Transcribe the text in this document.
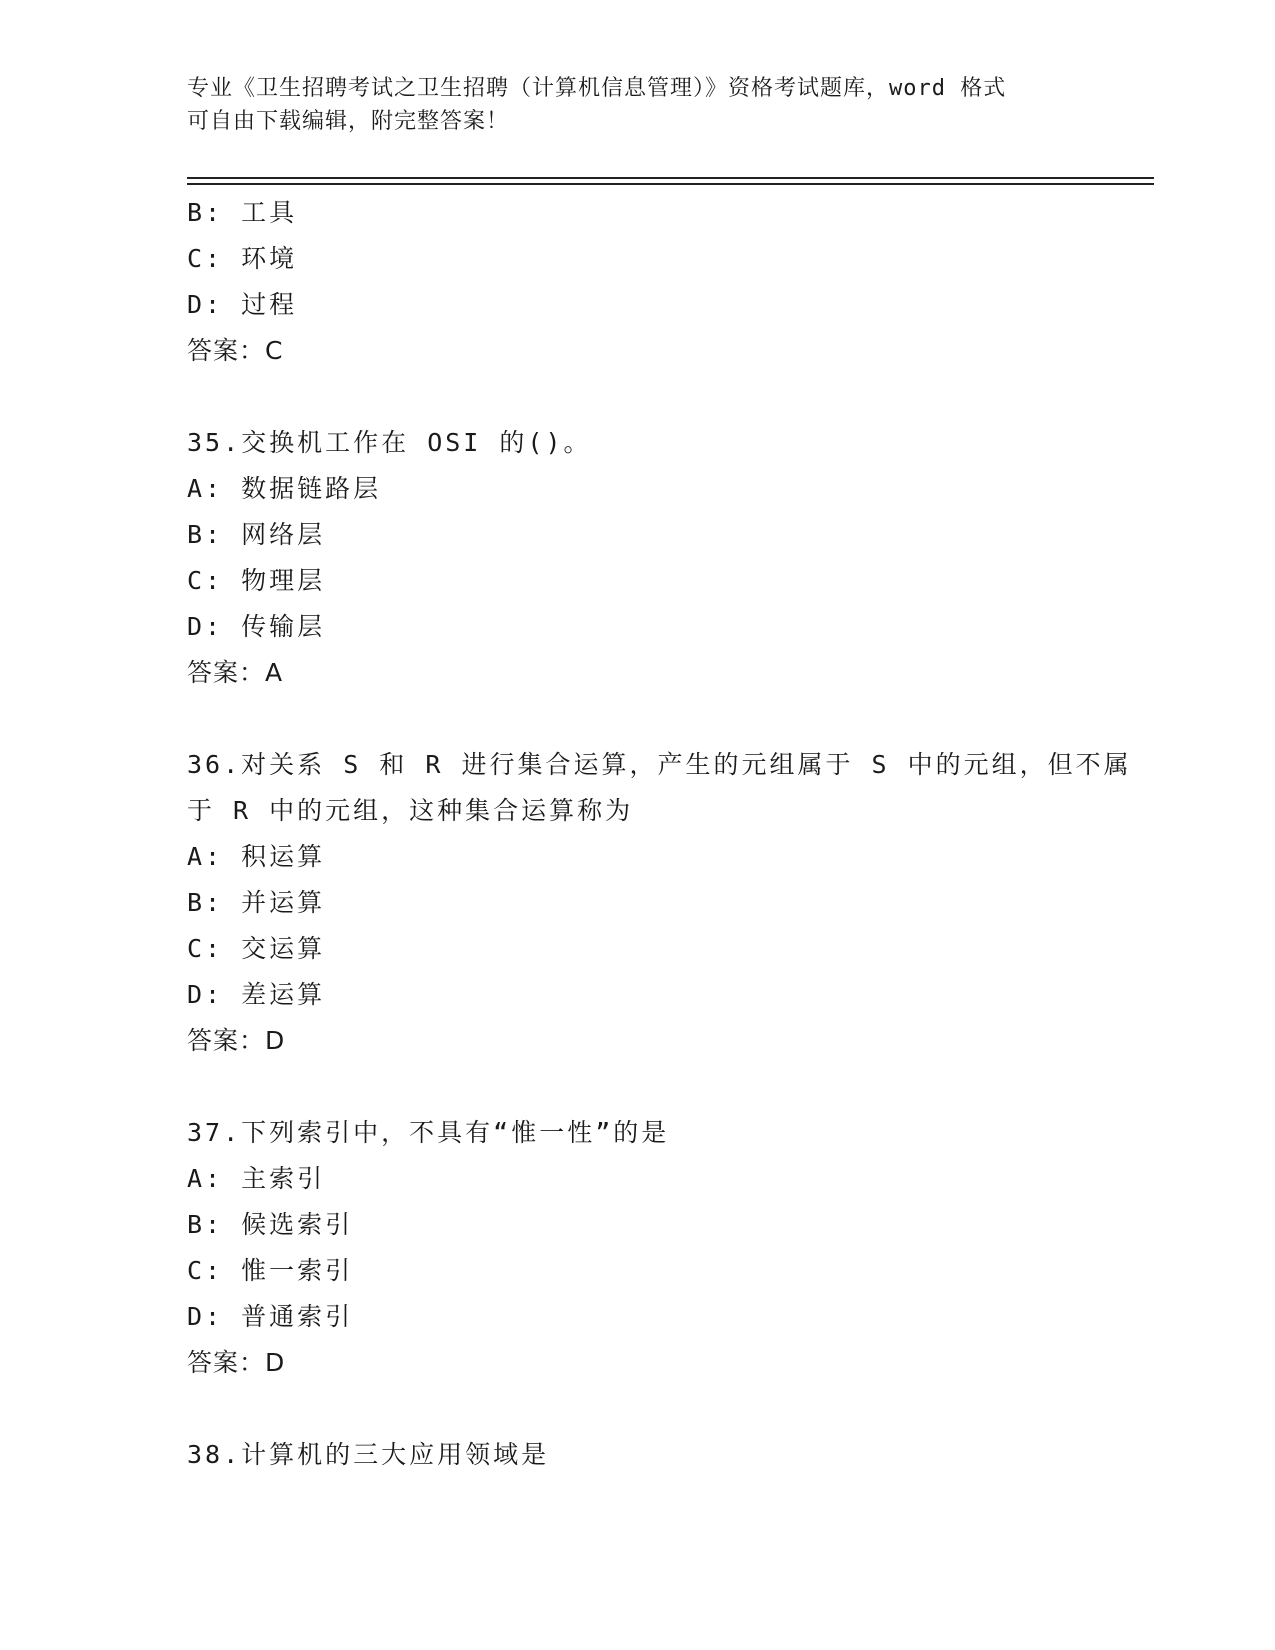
专业《卫生招聘考试之卫生招聘（计算机信息管理）》资格考试题库，word 格式
可自由下载编辑，附完整答案！
B: 工具
C: 环境
D: 过程
答案：C
35.交换机工作在 OSI 的()。
A: 数据链路层
B: 网络层
C: 物理层
D: 传输层
答案：A
36.对关系 S 和 R 进行集合运算，产生的元组属于 S 中的元组，但不属
于 R 中的元组，这种集合运算称为
A: 积运算
B: 并运算
C: 交运算
D: 差运算
答案：D
37.下列索引中，不具有“惟一性”的是
A: 主索引
B: 候选索引
C: 惟一索引
D: 普通索引
答案：D
38.计算机的三大应用领域是
